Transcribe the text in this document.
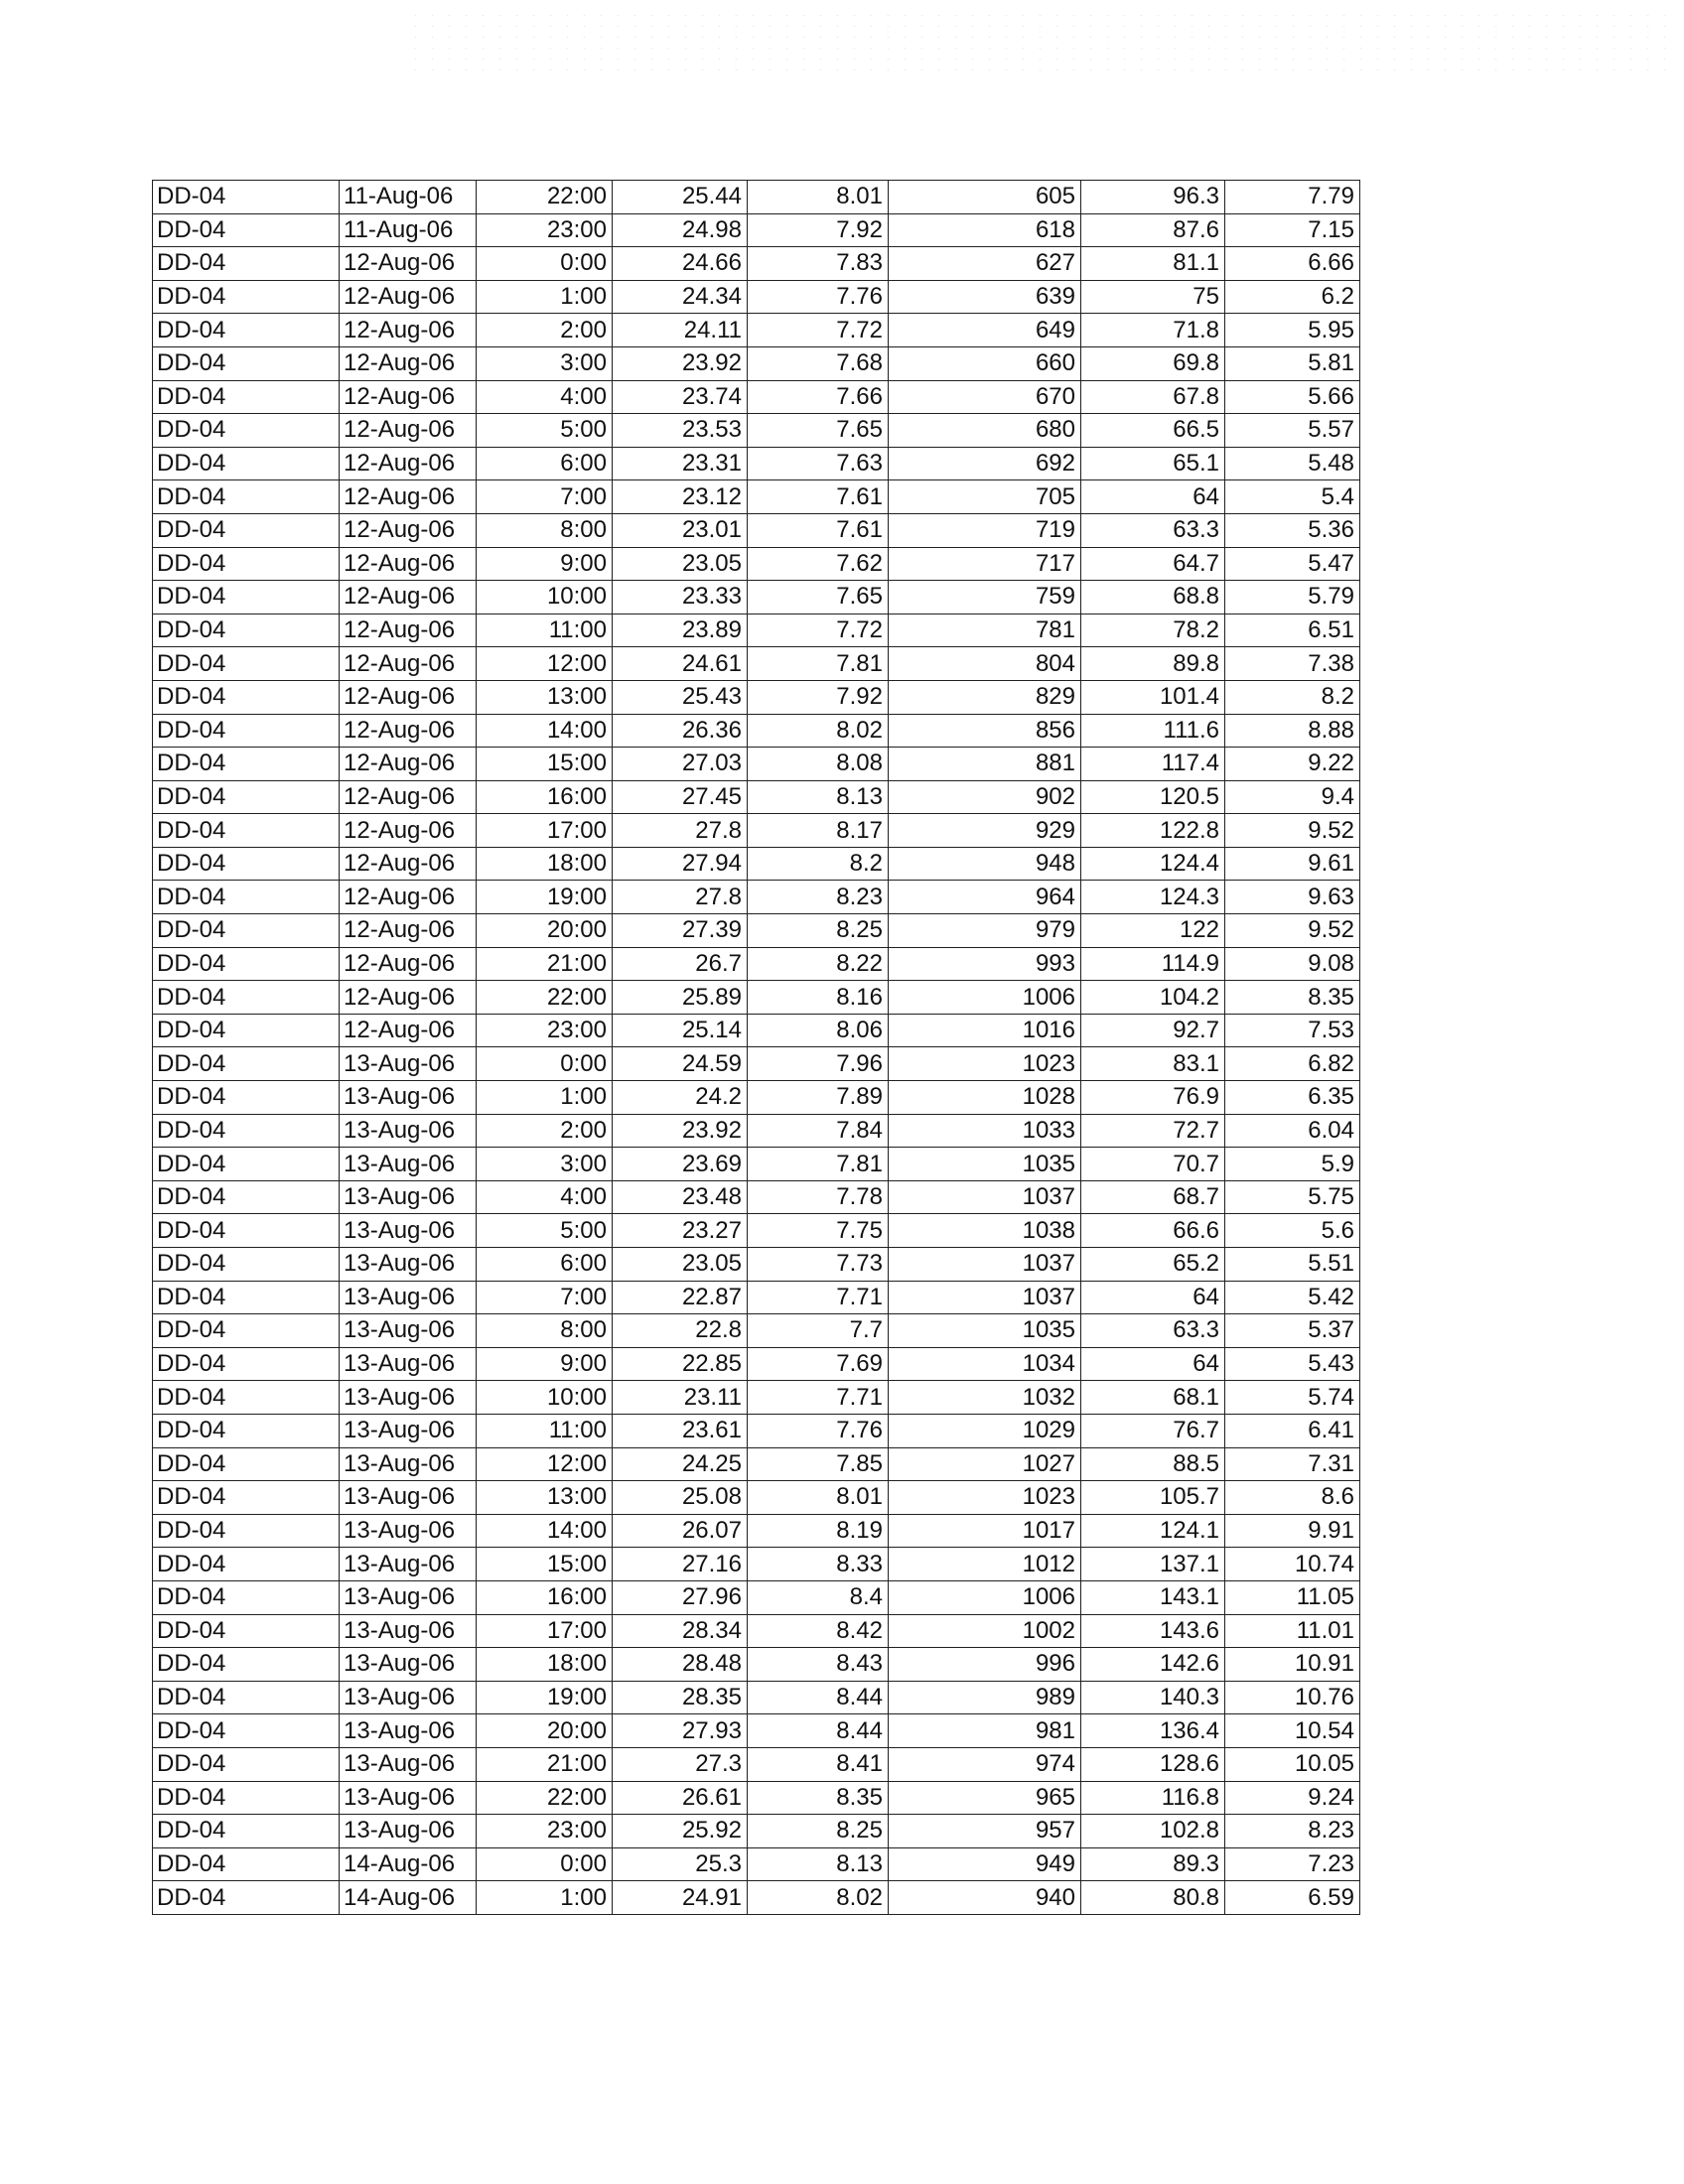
DD-04	11-Aug-06	22:00	25.44	8.01	605	96.3	7.79
DD-04	11-Aug-06	23:00	24.98	7.92	618	87.6	7.15
DD-04	12-Aug-06	0:00	24.66	7.83	627	81.1	6.66
DD-04	12-Aug-06	1:00	24.34	7.76	639	75	6.2
DD-04	12-Aug-06	2:00	24.11	7.72	649	71.8	5.95
DD-04	12-Aug-06	3:00	23.92	7.68	660	69.8	5.81
DD-04	12-Aug-06	4:00	23.74	7.66	670	67.8	5.66
DD-04	12-Aug-06	5:00	23.53	7.65	680	66.5	5.57
DD-04	12-Aug-06	6:00	23.31	7.63	692	65.1	5.48
DD-04	12-Aug-06	7:00	23.12	7.61	705	64	5.4
DD-04	12-Aug-06	8:00	23.01	7.61	719	63.3	5.36
DD-04	12-Aug-06	9:00	23.05	7.62	717	64.7	5.47
DD-04	12-Aug-06	10:00	23.33	7.65	759	68.8	5.79
DD-04	12-Aug-06	11:00	23.89	7.72	781	78.2	6.51
DD-04	12-Aug-06	12:00	24.61	7.81	804	89.8	7.38
DD-04	12-Aug-06	13:00	25.43	7.92	829	101.4	8.2
DD-04	12-Aug-06	14:00	26.36	8.02	856	111.6	8.88
DD-04	12-Aug-06	15:00	27.03	8.08	881	117.4	9.22
DD-04	12-Aug-06	16:00	27.45	8.13	902	120.5	9.4
DD-04	12-Aug-06	17:00	27.8	8.17	929	122.8	9.52
DD-04	12-Aug-06	18:00	27.94	8.2	948	124.4	9.61
DD-04	12-Aug-06	19:00	27.8	8.23	964	124.3	9.63
DD-04	12-Aug-06	20:00	27.39	8.25	979	122	9.52
DD-04	12-Aug-06	21:00	26.7	8.22	993	114.9	9.08
DD-04	12-Aug-06	22:00	25.89	8.16	1006	104.2	8.35
DD-04	12-Aug-06	23:00	25.14	8.06	1016	92.7	7.53
DD-04	13-Aug-06	0:00	24.59	7.96	1023	83.1	6.82
DD-04	13-Aug-06	1:00	24.2	7.89	1028	76.9	6.35
DD-04	13-Aug-06	2:00	23.92	7.84	1033	72.7	6.04
DD-04	13-Aug-06	3:00	23.69	7.81	1035	70.7	5.9
DD-04	13-Aug-06	4:00	23.48	7.78	1037	68.7	5.75
DD-04	13-Aug-06	5:00	23.27	7.75	1038	66.6	5.6
DD-04	13-Aug-06	6:00	23.05	7.73	1037	65.2	5.51
DD-04	13-Aug-06	7:00	22.87	7.71	1037	64	5.42
DD-04	13-Aug-06	8:00	22.8	7.7	1035	63.3	5.37
DD-04	13-Aug-06	9:00	22.85	7.69	1034	64	5.43
DD-04	13-Aug-06	10:00	23.11	7.71	1032	68.1	5.74
DD-04	13-Aug-06	11:00	23.61	7.76	1029	76.7	6.41
DD-04	13-Aug-06	12:00	24.25	7.85	1027	88.5	7.31
DD-04	13-Aug-06	13:00	25.08	8.01	1023	105.7	8.6
DD-04	13-Aug-06	14:00	26.07	8.19	1017	124.1	9.91
DD-04	13-Aug-06	15:00	27.16	8.33	1012	137.1	10.74
DD-04	13-Aug-06	16:00	27.96	8.4	1006	143.1	11.05
DD-04	13-Aug-06	17:00	28.34	8.42	1002	143.6	11.01
DD-04	13-Aug-06	18:00	28.48	8.43	996	142.6	10.91
DD-04	13-Aug-06	19:00	28.35	8.44	989	140.3	10.76
DD-04	13-Aug-06	20:00	27.93	8.44	981	136.4	10.54
DD-04	13-Aug-06	21:00	27.3	8.41	974	128.6	10.05
DD-04	13-Aug-06	22:00	26.61	8.35	965	116.8	9.24
DD-04	13-Aug-06	23:00	25.92	8.25	957	102.8	8.23
DD-04	14-Aug-06	0:00	25.3	8.13	949	89.3	7.23
DD-04	14-Aug-06	1:00	24.91	8.02	940	80.8	6.59
